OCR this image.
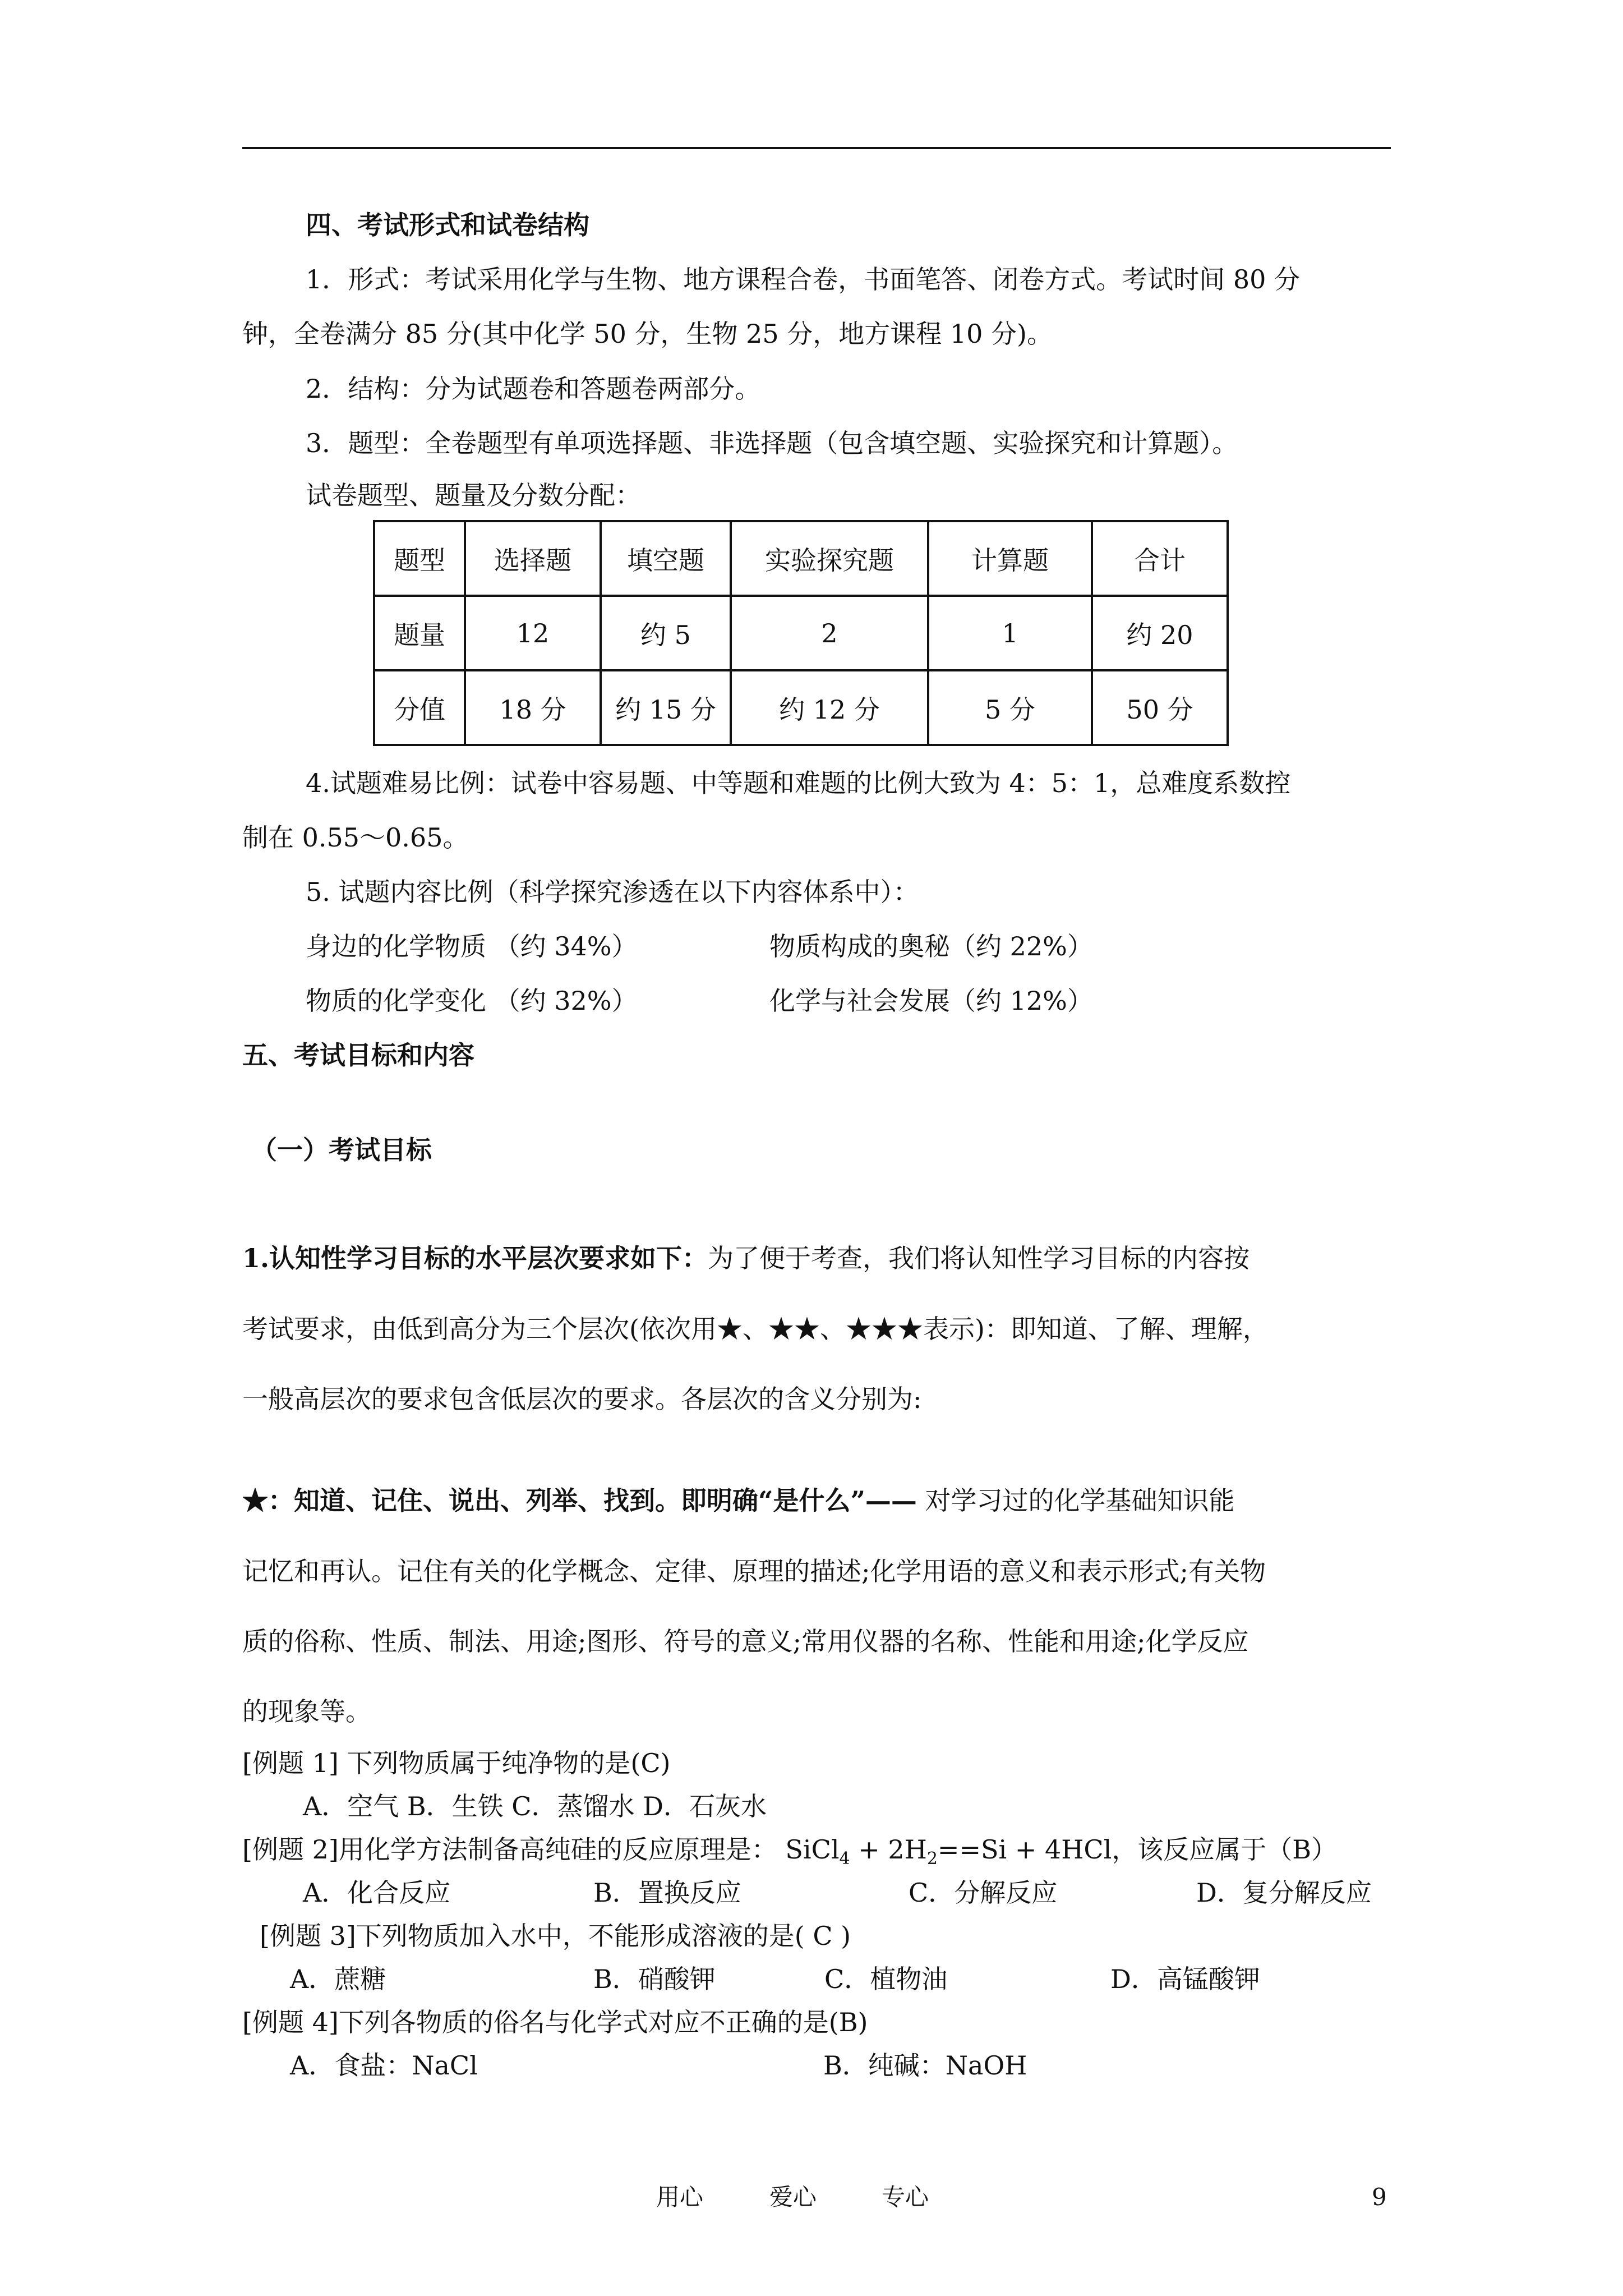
四、考试形式和试卷结构
1．形式：考试采用化学与生物、地方课程合卷，书面笔答、闭卷方式。考试时间 80 分
钟，全卷满分 85 分(其中化学 50 分，生物 25 分，地方课程 10 分)。
2．结构：分为试题卷和答题卷两部分。
3．题型：全卷题型有单项选择题、非选择题（包含填空题、实验探究和计算题）。
试卷题型、题量及分数分配：
题型	选择题	填空题	实验探究题	计算题	合计
题量	12	约 5	2	1	约 20
分值	18 分	约 15 分	约 12 分	5 分	50 分
4.试题难易比例：试卷中容易题、中等题和难题的比例大致为 4：5：1，总难度系数控
制在 0.55～0.65。
5. 试题内容比例（科学探究渗透在以下内容体系中）：
身边的化学物质 （约 34%）	物质构成的奥秘（约 22%）
物质的化学变化 （约 32%）	化学与社会发展（约 12%）
五、考试目标和内容
（一）考试目标
1.认知性学习目标的水平层次要求如下：为了便于考查，我们将认知性学习目标的内容按
考试要求，由低到高分为三个层次(依次用★、★★、★★★表示)：即知道、了解、理解，
一般高层次的要求包含低层次的要求。各层次的含义分别为:
★：知道、记住、说出、列举、找到。即明确“是什么”—— 对学习过的化学基础知识能
记忆和再认。记住有关的化学概念、定律、原理的描述;化学用语的意义和表示形式;有关物
质的俗称、性质、制法、用途;图形、符号的意义;常用仪器的名称、性能和用途;化学反应
的现象等。
[例题 1] 下列物质属于纯净物的是(C)
A．空气 B．生铁 C．蒸馏水 D．石灰水
[例题 2]用化学方法制备高纯硅的反应原理是： SiCl$_4$ + $2H_2==Si + 4HCl$，该反应属于（B）
A．化合反应	B．置换反应	C．分解反应	D．复分解反应
[例题 3]下列物质加入水中，不能形成溶液的是( C )
A．蔗糖	B．硝酸钾	C．植物油	D．高锰酸钾
[例题 4]下列各物质的俗名与化学式对应不正确的是(B)
A．食盐：NaCl	B．纯碱：NaOH
用心	爱心	专心	9
